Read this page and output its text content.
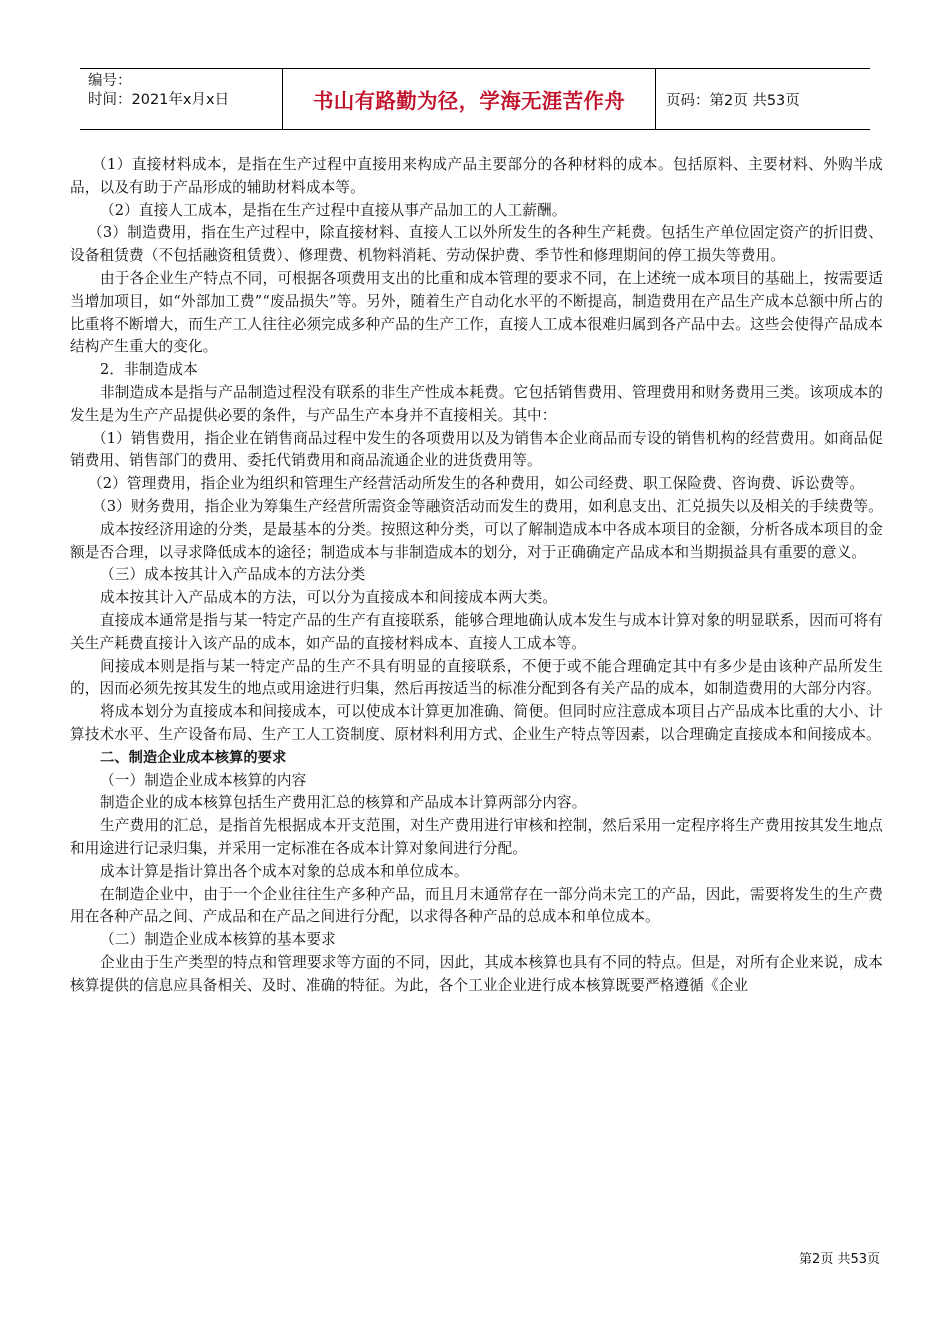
编号：
时间：2021年x月x日	书山有路勤为径，学海无涯苦作舟	页码：第2页 共53页

（1）直接材料成本，是指在生产过程中直接用来构成产品主要部分的各种材料的成本。包括原料、主要材料、外购半成品，以及有助于产品形成的辅助材料成本等。

（2）直接人工成本，是指在生产过程中直接从事产品加工的人工薪酬。

（3）制造费用，指在生产过程中，除直接材料、直接人工以外所发生的各种生产耗费。包括生产单位固定资产的折旧费、设备租赁费（不包括融资租赁费）、修理费、机物料消耗、劳动保护费、季节性和修理期间的停工损失等费用。

由于各企业生产特点不同，可根据各项费用支出的比重和成本管理的要求不同，在上述统一成本项目的基础上，按需要适当增加项目，如“外部加工费”“废品损失”等。另外，随着生产自动化水平的不断提高，制造费用在产品生产成本总额中所占的比重将不断增大，而生产工人往往必须完成多种产品的生产工作，直接人工成本很难归属到各产品中去。这些会使得产品成本结构产生重大的变化。

2．非制造成本

非制造成本是指与产品制造过程没有联系的非生产性成本耗费。它包括销售费用、管理费用和财务费用三类。该项成本的发生是为生产产品提供必要的条件，与产品生产本身并不直接相关。其中：

（1）销售费用，指企业在销售商品过程中发生的各项费用以及为销售本企业商品而专设的销售机构的经营费用。如商品促销费用、销售部门的费用、委托代销费用和商品流通企业的进货费用等。

（2）管理费用，指企业为组织和管理生产经营活动所发生的各种费用，如公司经费、职工保险费、咨询费、诉讼费等。

（3）财务费用，指企业为筹集生产经营所需资金等融资活动而发生的费用，如利息支出、汇兑损失以及相关的手续费等。

成本按经济用途的分类，是最基本的分类。按照这种分类，可以了解制造成本中各成本项目的金额，分析各成本项目的金额是否合理，以寻求降低成本的途径；制造成本与非制造成本的划分，对于正确确定产品成本和当期损益具有重要的意义。

（三）成本按其计入产品成本的方法分类

成本按其计入产品成本的方法，可以分为直接成本和间接成本两大类。

直接成本通常是指与某一特定产品的生产有直接联系，能够合理地确认成本发生与成本计算对象的明显联系，因而可将有关生产耗费直接计入该产品的成本，如产品的直接材料成本、直接人工成本等。

间接成本则是指与某一特定产品的生产不具有明显的直接联系，不便于或不能合理确定其中有多少是由该种产品所发生的，因而必须先按其发生的地点或用途进行归集，然后再按适当的标准分配到各有关产品的成本，如制造费用的大部分内容。

将成本划分为直接成本和间接成本，可以使成本计算更加准确、简便。但同时应注意成本项目占产品成本比重的大小、计算技术水平、生产设备布局、生产工人工资制度、原材料利用方式、企业生产特点等因素，以合理确定直接成本和间接成本。

二、制造企业成本核算的要求

（一）制造企业成本核算的内容

制造企业的成本核算包括生产费用汇总的核算和产品成本计算两部分内容。

生产费用的汇总，是指首先根据成本开支范围，对生产费用进行审核和控制，然后采用一定程序将生产费用按其发生地点和用途进行记录归集，并采用一定标准在各成本计算对象间进行分配。

成本计算是指计算出各个成本对象的总成本和单位成本。

在制造企业中，由于一个企业往往生产多种产品，而且月末通常存在一部分尚未完工的产品，因此，需要将发生的生产费用在各种产品之间、产成品和在产品之间进行分配，以求得各种产品的总成本和单位成本。

（二）制造企业成本核算的基本要求

企业由于生产类型的特点和管理要求等方面的不同，因此，其成本核算也具有不同的特点。但是，对所有企业来说，成本核算提供的信息应具备相关、及时、准确的特征。为此，各个工业企业进行成本核算既要严格遵循《企业

第2页 共53页
